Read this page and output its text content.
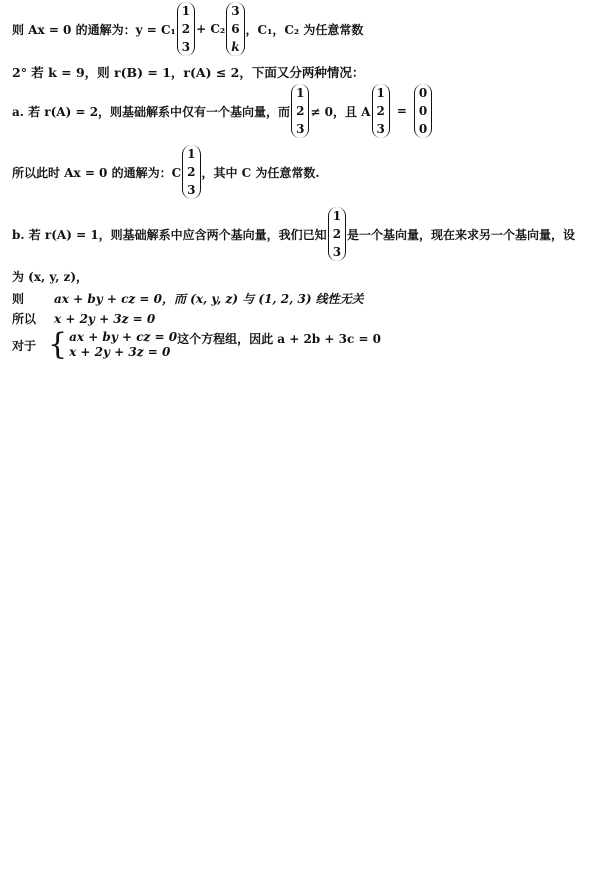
则 Ax = 0 的通解为：y = C₁
1
2
3
+ C₂
3
6
k
，C₁，C₂ 为任意常数
2° 若 k = 9，则 r(B) = 1，r(A) ≤ 2，下面又分两种情况：
a. 若 r(A) = 2，则基础解系中仅有一个基向量，而
1
2
3
≠ 0，且 A
1
2
3
=
0
0
0
所以此时 Ax = 0 的通解为：C
1
2
3
，其中 C 为任意常数.
b. 若 r(A) = 1，则基础解系中应含两个基向量，我们已知
1
2
3
是一个基向量，现在来求另一个基向量，设
为 (x, y, z)，
则	ax + by + cz = 0，而 (x, y, z) 与 (1, 2, 3) 线性无关
所以	x + 2y + 3z = 0
对于 { ax + by + cz = 0
x + 2y + 3z = 0
这个方程组，因此 a + 2b + 3c = 0
